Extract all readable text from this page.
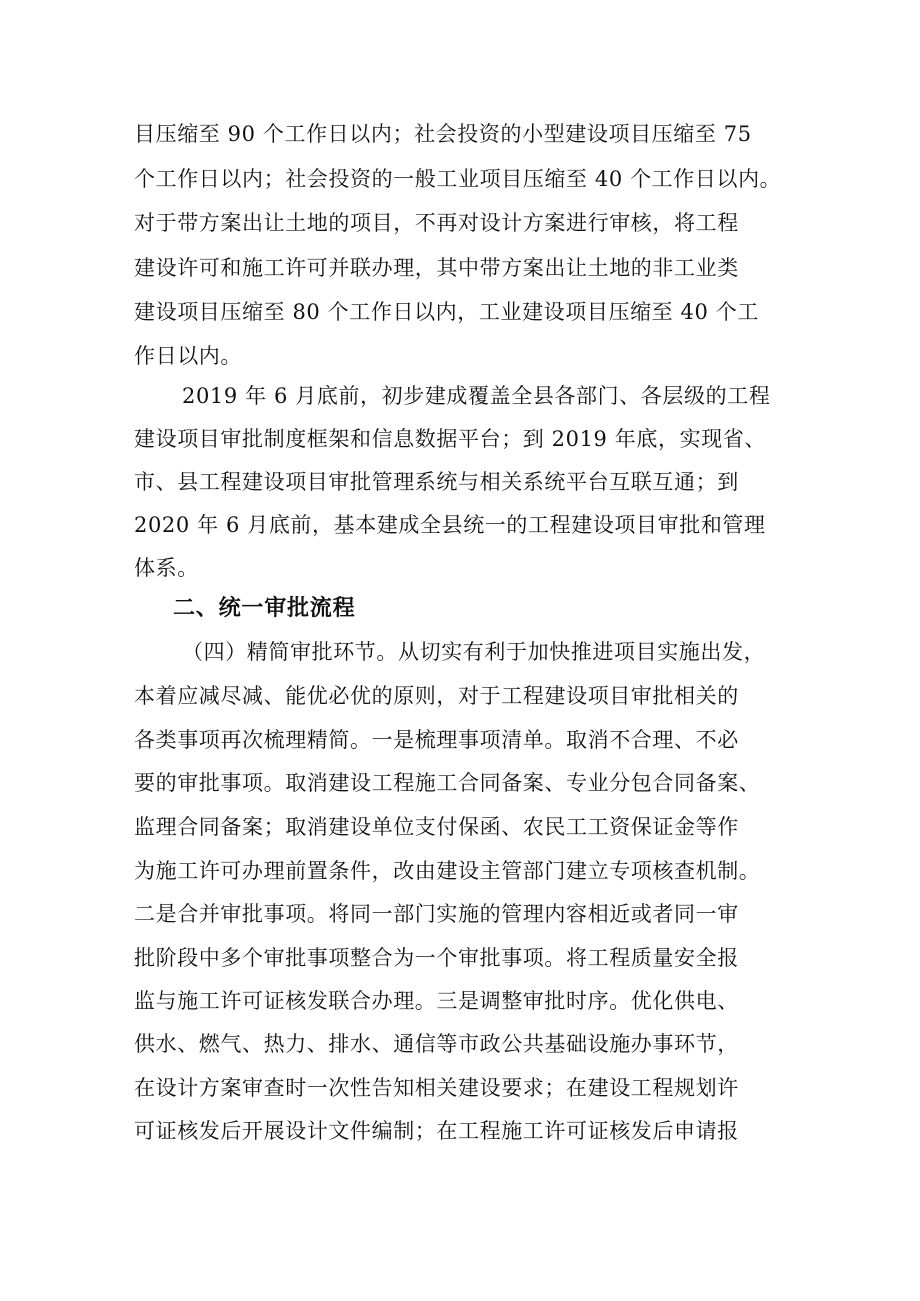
目压缩至 90 个工作日以内；社会投资的小型建设项目压缩至 75
个工作日以内；社会投资的一般工业项目压缩至 40 个工作日以内。
对于带方案出让土地的项目，不再对设计方案进行审核，将工程
建设许可和施工许可并联办理，其中带方案出让土地的非工业类
建设项目压缩至 80 个工作日以内，工业建设项目压缩至 40 个工
作日以内。
2019 年 6 月底前，初步建成覆盖全县各部门、各层级的工程
建设项目审批制度框架和信息数据平台；到 2019 年底，实现省、
市、县工程建设项目审批管理系统与相关系统平台互联互通；到
2020 年 6 月底前，基本建成全县统一的工程建设项目审批和管理
体系。
二、统一审批流程
（四）精简审批环节。从切实有利于加快推进项目实施出发，
本着应减尽减、能优必优的原则，对于工程建设项目审批相关的
各类事项再次梳理精简。一是梳理事项清单。取消不合理、不必
要的审批事项。取消建设工程施工合同备案、专业分包合同备案、
监理合同备案；取消建设单位支付保函、农民工工资保证金等作
为施工许可办理前置条件，改由建设主管部门建立专项核查机制。
二是合并审批事项。将同一部门实施的管理内容相近或者同一审
批阶段中多个审批事项整合为一个审批事项。将工程质量安全报
监与施工许可证核发联合办理。三是调整审批时序。优化供电、
供水、燃气、热力、排水、通信等市政公共基础设施办事环节，
在设计方案审查时一次性告知相关建设要求；在建设工程规划许
可证核发后开展设计文件编制；在工程施工许可证核发后申请报
